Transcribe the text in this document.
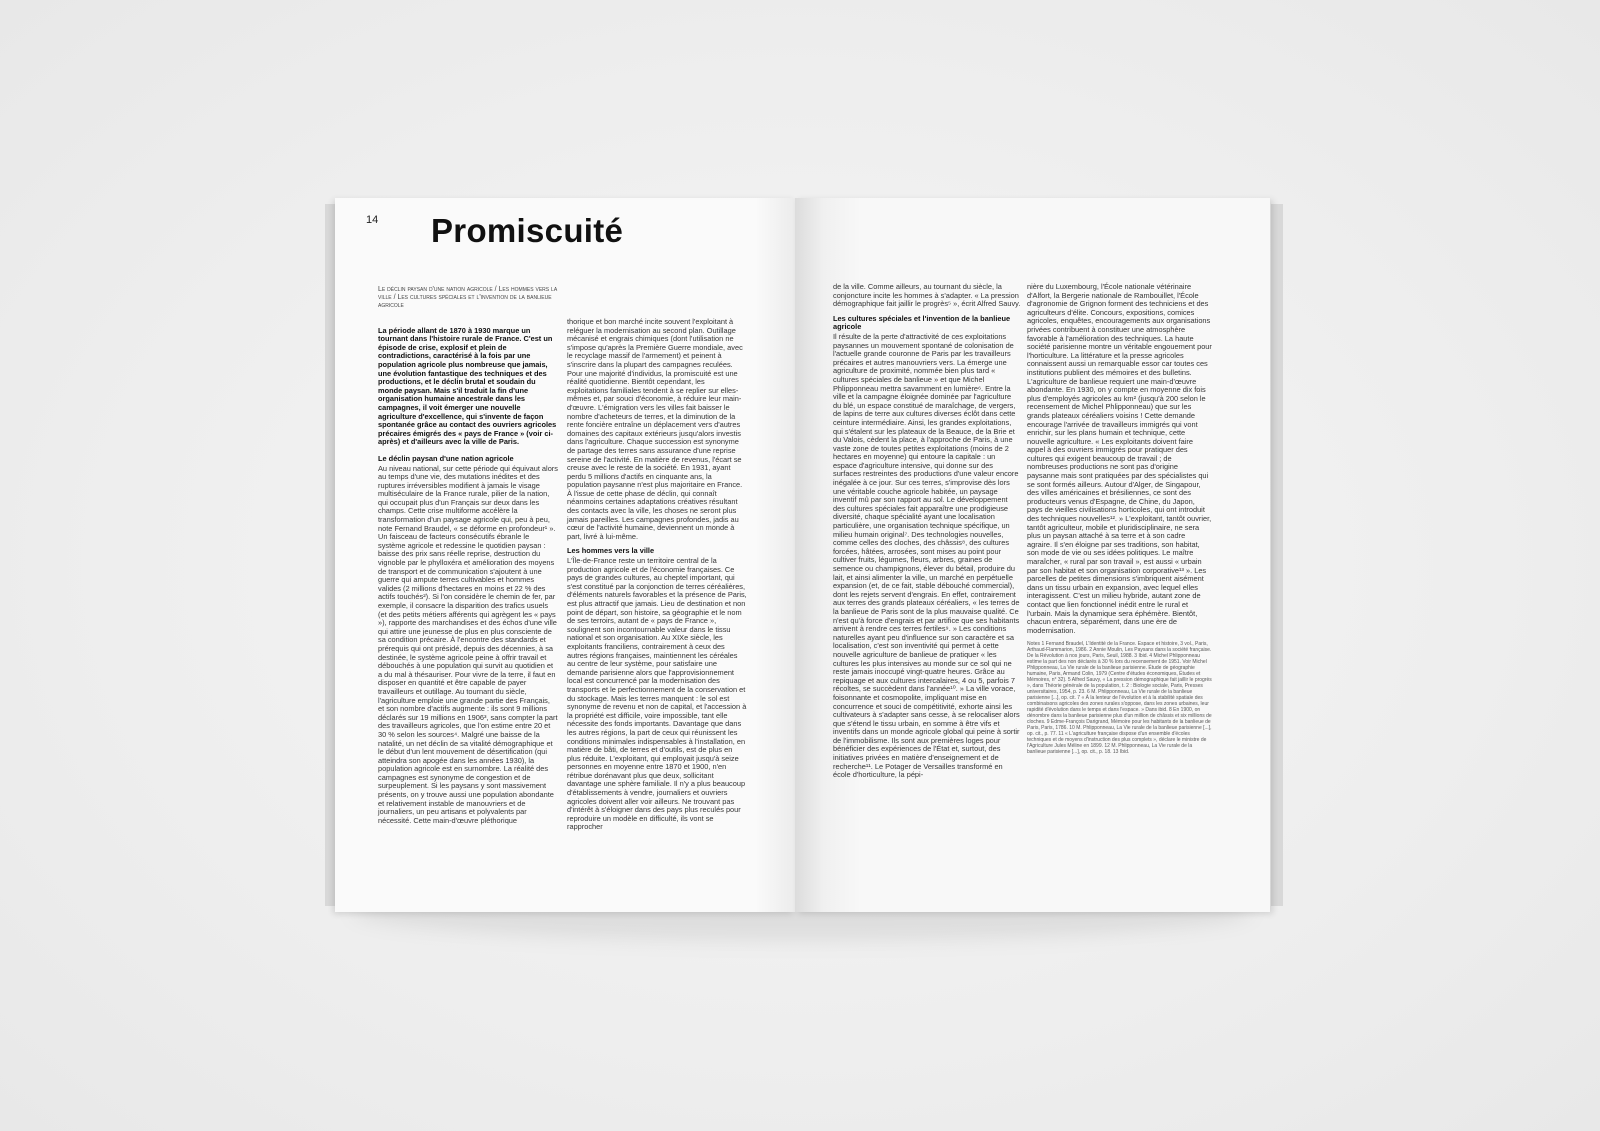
14 Promiscuité

Le déclin paysan d'une nation agricole / Les hommes vers la ville / Les cultures spéciales et l'invention de la banlieue agricole

La période allant de 1870 à 1930 marque un tournant dans l'histoire rurale de France. C'est un épisode de crise, explosif et plein de contradictions, caractérisé à la fois par une population agricole plus nombreuse que jamais, une évolution fantastique des techniques et des productions, et le déclin brutal et soudain du monde paysan. Mais s'il traduit la fin d'une organisation humaine ancestrale dans les campagnes, il voit émerger une nouvelle agriculture d'excellence, qui s'invente de façon spontanée grâce au contact des ouvriers agricoles précaires émigrés des « pays de France » (voir ci-après) et d'ailleurs avec la ville de Paris.

Le déclin paysan d'une nation agricole

Au niveau national, sur cette période qui équivaut alors au temps d'une vie, des mutations inédites et des ruptures irréversibles modifient à jamais le visage multiséculaire de la France rurale, pilier de la nation, qui occupait plus d'un Français sur deux dans les champs. Cette crise multiforme accélère la transformation d'un paysage agricole qui, peu à peu, note Fernand Braudel, « se déforme en profondeur¹ ». Un faisceau de facteurs consécutifs ébranle le système agricole et redessine le quotidien paysan : baisse des prix sans réelle reprise, destruction du vignoble par le phylloxéra et amélioration des moyens de transport et de communication s'ajoutent à une guerre qui ampute terres cultivables et hommes valides (2 millions d'hectares en moins et 22 % des actifs touchés²). Si l'on considère le chemin de fer, par exemple, il consacre la disparition des trafics usuels (et des petits métiers afférents qui agrègent les « pays »), rapporte des marchandises et des échos d'une ville qui attire une jeunesse de plus en plus consciente de sa condition précaire. À l'encontre des standards et prérequis qui ont présidé, depuis des décennies, à sa destinée, le système agricole peine à offrir travail et débouchés à une population qui survit au quotidien et a du mal à thésauriser. Pour vivre de la terre, il faut en disposer en quantité et être capable de payer travailleurs et outillage. Au tournant du siècle, l'agriculture emploie une grande partie des Français, et son nombre d'actifs augmente : ils sont 9 millions déclarés sur 19 millions en 1906³, sans compter la part des travailleurs agricoles, que l'on estime entre 20 et 30 % selon les sources⁴. Malgré une baisse de la natalité, un net déclin de sa vitalité démographique et le début d'un lent mouvement de désertification (qui atteindra son apogée dans les années 1930), la population agricole est en surnombre. La réalité des campagnes est synonyme de congestion et de surpeuplement. Si les paysans y sont massivement présents, on y trouve aussi une population abondante et relativement instable de manouvriers et de journaliers, un peu artisans et polyvalents par nécessité. Cette main-d'œuvre pléthorique

thorique et bon marché incite souvent l'exploitant à reléguer la modernisation au second plan. Outillage mécanisé et engrais chimiques (dont l'utilisation ne s'impose qu'après la Première Guerre mondiale, avec le recyclage massif de l'armement) et peinent à s'inscrire dans la plupart des campagnes reculées. Pour une majorité d'individus, la promiscuité est une réalité quotidienne. Bientôt cependant, les exploitations familiales tendent à se replier sur elles-mêmes et, par souci d'économie, à réduire leur main-d'œuvre. L'émigration vers les villes fait baisser le nombre d'acheteurs de terres, et la diminution de la rente foncière entraîne un déplacement vers d'autres domaines des capitaux extérieurs jusqu'alors investis dans l'agriculture. Chaque succession est synonyme de partage des terres sans assurance d'une reprise sereine de l'activité. En matière de revenus, l'écart se creuse avec le reste de la société. En 1931, ayant perdu 5 millions d'actifs en cinquante ans, la population paysanne n'est plus majoritaire en France. À l'issue de cette phase de déclin, qui connaît néanmoins certaines adaptations créatives résultant des contacts avec la ville, les choses ne seront plus jamais pareilles. Les campagnes profondes, jadis au cœur de l'activité humaine, deviennent un monde à part, livré à lui-même.

Les hommes vers la ville

L'Île-de-France reste un territoire central de la production agricole et de l'économie françaises. Ce pays de grandes cultures, au cheptel important, qui s'est constitué par la conjonction de terres céréalières, d'éléments naturels favorables et la présence de Paris, est plus attractif que jamais. Lieu de destination et non point de départ, son histoire, sa géographie et le nom de ses terroirs, autant de « pays de France », soulignent son incontournable valeur dans le tissu national et son organisation. Au XIXe siècle, les exploitants franciliens, contrairement à ceux des autres régions françaises, maintiennent les céréales au centre de leur système, pour satisfaire une demande parisienne alors que l'approvisionnement local est concurrencé par la modernisation des transports et le perfectionnement de la conservation et du stockage. Mais les terres manquent : le sol est synonyme de revenu et non de capital, et l'accession à la propriété est difficile, voire impossible, tant elle nécessite des fonds importants. Davantage que dans les autres régions, la part de ceux qui réunissent les conditions minimales indispensables à l'installation, en matière de bâti, de terres et d'outils, est de plus en plus réduite. L'exploitant, qui employait jusqu'à seize personnes en moyenne entre 1870 et 1900, n'en rétribue dorénavant plus que deux, sollicitant davantage une sphère familiale. Il n'y a plus beaucoup d'établissements à vendre, journaliers et ouvriers agricoles doivent aller voir ailleurs. Ne trouvant pas d'intérêt à s'éloigner dans des pays plus reculés pour reproduire un modèle en difficulté, ils vont se rapprocher

de la ville. Comme ailleurs, au tournant du siècle, la conjoncture incite les hommes à s'adapter. « La pression démographique fait jaillir le progrès⁵ », écrit Alfred Sauvy.

Les cultures spéciales et l'invention de la banlieue agricole

Il résulte de la perte d'attractivité de ces exploitations paysannes un mouvement spontané de colonisation de l'actuelle grande couronne de Paris par les travailleurs précaires et autres manouvriers vers. La émerge une agriculture de proximité, nommée bien plus tard « cultures spéciales de banlieue » et que Michel Phlipponneau mettra savamment en lumière⁶. Entre la ville et la campagne éloignée dominée par l'agriculture du blé, un espace constitué de maraîchage, de vergers, de lapins de terre aux cultures diverses éclôt dans cette ceinture intermédiaire. Ainsi, les grandes exploitations, qui s'étalent sur les plateaux de la Beauce, de la Brie et du Valois, cèdent la place, à l'approche de Paris, à une vaste zone de toutes petites exploitations (moins de 2 hectares en moyenne) qui entoure la capitale : un espace d'agriculture intensive, qui donne sur des surfaces restreintes des productions d'une valeur encore inégalée à ce jour. Sur ces terres, s'improvise dès lors une véritable couche agricole habitée, un paysage inventif mû par son rapport au sol. Le développement des cultures spéciales fait apparaître une prodigieuse diversité, chaque spécialité ayant une localisation particulière, une organisation technique spécifique, un milieu humain original⁷. Des technologies nouvelles, comme celles des cloches, des châssis⁸, des cultures forcées, hâtées, arrosées, sont mises au point pour cultiver fruits, légumes, fleurs, arbres, graines de semence ou champignons, élever du bétail, produire du lait, et ainsi alimenter la ville, un marché en perpétuelle expansion (et, de ce fait, stable débouché commercial), dont les rejets servent d'engrais. En effet, contrairement aux terres des grands plateaux céréaliers, « les terres de la banlieue de Paris sont de la plus mauvaise qualité. Ce n'est qu'à force d'engrais et par artifice que ses habitants arrivent à rendre ces terres fertiles⁹. » Les conditions naturelles ayant peu d'influence sur son caractère et sa localisation, c'est son inventivité qui permet à cette nouvelle agriculture de banlieue de pratiquer « les cultures les plus intensives au monde sur ce sol qui ne reste jamais inoccupé vingt-quatre heures. Grâce au repiquage et aux cultures intercalaires, 4 ou 5, parfois 7 récoltes, se succèdent dans l'année¹⁰. » La ville vorace, foisonnante et cosmopolite, impliquant mise en concurrence et souci de compétitivité, exhorte ainsi les cultivateurs à s'adapter sans cesse, à se relocaliser alors que s'étend le tissu urbain, en somme à être vifs et inventifs dans un monde agricole global qui peine à sortir de l'immobilisme. Ils sont aux premières loges pour bénéficier des expériences de l'État et, surtout, des initiatives privées en matière d'enseignement et de recherche¹¹. Le Potager de Versailles transformé en école d'horticulture, la pépi-

nière du Luxembourg, l'École nationale vétérinaire d'Alfort, la Bergerie nationale de Rambouillet, l'École d'agronomie de Grignon forment des techniciens et des agriculteurs d'élite. Concours, expositions, comices agricoles, enquêtes, encouragements aux organisations privées contribuent à constituer une atmosphère favorable à l'amélioration des techniques. La haute société parisienne montre un véritable engouement pour l'horticulture. La littérature et la presse agricoles connaissent aussi un remarquable essor car toutes ces institutions publient des mémoires et des bulletins. L'agriculture de banlieue requiert une main-d'œuvre abondante. En 1930, on y compte en moyenne dix fois plus d'employés agricoles au km² (jusqu'à 200 selon le recensement de Michel Phlipponneau) que sur les grands plateaux céréaliers voisins ! Cette demande encourage l'arrivée de travailleurs immigrés qui vont enrichir, sur les plans humain et technique, cette nouvelle agriculture. « Les exploitants doivent faire appel à des ouvriers immigrés pour pratiquer des cultures qui exigent beaucoup de travail ; de nombreuses productions ne sont pas d'origine paysanne mais sont pratiquées par des spécialistes qui se sont formés ailleurs. Autour d'Alger, de Singapour, des villes américaines et brésiliennes, ce sont des producteurs venus d'Espagne, de Chine, du Japon, pays de vieilles civilisations horticoles, qui ont introduit des techniques nouvelles¹². » L'exploitant, tantôt ouvrier, tantôt agriculteur, mobile et pluridisciplinaire, ne sera plus un paysan attaché à sa terre et à son cadre agraire. Il s'en éloigne par ses traditions, son habitat, son mode de vie ou ses idées politiques. Le maître maraîcher, « rural par son travail », est aussi « urbain par son habitat et son organisation corporative¹³ ». Les parcelles de petites dimensions s'imbriquent aisément dans un tissu urbain en expansion, avec lequel elles interagissent. C'est un milieu hybride, autant zone de contact que lien fonctionnel inédit entre le rural et l'urbain. Mais la dynamique sera éphémère. Bientôt, chacun entrera, séparément, dans une ère de modernisation.

Notes 1 Fernand Braudel, L'Identité de la France. Espace et histoire, 3 vol., Paris, Arthaud-Flammarion, 1986. 2 Annie Moulin, Les Paysans dans la société française. De la Révolution à nos jours, Paris, Seuil, 1988. 3 Ibid. 4 Michel Phlipponneau estime la part des non déclarés à 30 % lors du recensement de 1951. Voir Michel Phlipponneau, La Vie rurale de la banlieue parisienne. Étude de géographie humaine, Paris, Armand Colin, 1979 (Centre d'études économiques, Études et Mémoires, n° 32). 5 Alfred Sauvy, « La pression démographique fait jaillir le progrès », dans Théorie générale de la population, t. 2 : Biologie sociale, Paris, Presses universitaires, 1954, p. 23. 6 M. Phlipponneau, La Vie rurale de la banlieue parisienne [...], op. cit. 7 « À la lenteur de l'évolution et à la stabilité spatiale des combinaisons agricoles des zones rurales s'oppose, dans les zones urbaines, leur rapidité d'évolution dans le temps et dans l'espace. » Dans ibid. 8 En 1900, on dénombre dans la banlieue parisienne plus d'un million de châssis et six millions de cloches. 9 Edme-François Darigrand, Mémoire pour les habitants de la banlieue de Paris, Paris, 1786. 10 M. Phlipponneau, La Vie rurale de la banlieue parisienne [...], op. cit., p. 77. 11 « L'agriculture française dispose d'un ensemble d'écoles techniques et de moyens d'instruction des plus complets », déclare le ministre de l'Agriculture Jules Méline en 1899. 12 M. Phlipponneau, La Vie rurale de la banlieue parisienne [...], op. cit., p. 18. 13 Ibid.
